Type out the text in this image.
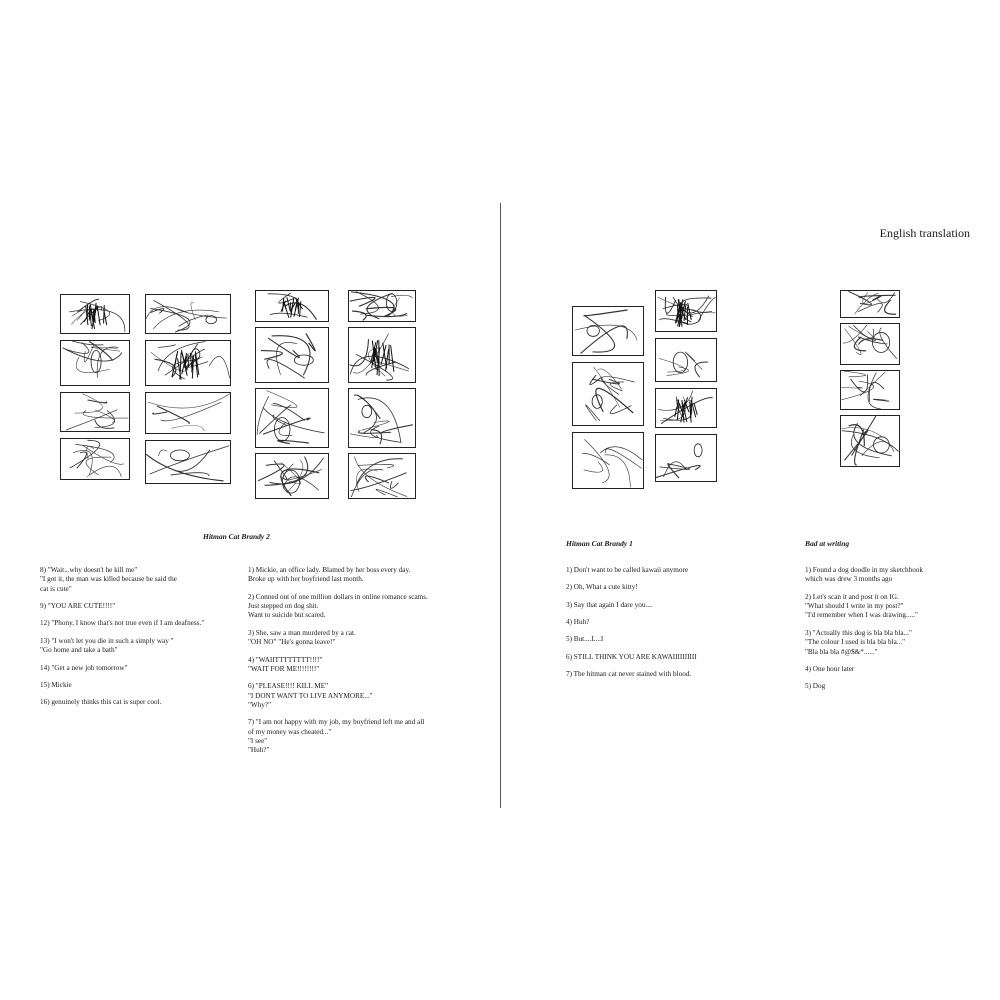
English translation
Hitman Cat Brandy 2
Hitman Cat Brandy 1	Bad at writing
8) "Wait...why doesn't he kill me"
"I got it, the man was killed because he said the
cat is cute"
9) "YOU ARE CUTE!!!!"
12) "Phony, I know that's not true even if I am deafness."
13) "I won't let you die in such a simply way "
"Go home and take a bath"
14) "Get a new job tomorrow"
15) Mickie
16) genuinely thinks this cat is super cool.
1) Mickie, an office lady. Blamed by her boss every day.
Broke up with her boyfriend last month.
2) Conned out of one million dollars in online romance scams.
Just stepped on dog shit.
Want to suicide but scared.
3) She, saw a man murdered by a cat.
"OH NO" "He's gonna leave!"
4) "WAIITTTTTTTT!!!!"
"WAIT FOR ME!!!!!!!!"
6) "PLEASE!!!! KILL ME"
"I DONT WANT TO LIVE ANYMORE..."
"Why?"
7) "I am not happy with my job, my boyfriend left me and all
of my money was cheated..."
"I see"
"Huh?"
1) Don't want to be called kawaii anymore
2) Oh, What a cute kitty!
3) Say that again I dare you....
4) Huh?
5) But....I....I
6) STILL THINK YOU ARE KAWAIIIIIIIIII
7) The hitman cat never stained with blood.
1) Found a dog doodle in my sketchbook
which was drew 3 months ago
2) Let's scan it and post it on IG.
"What should I write in my post?"
"I'd remember when I was drawing....."
3) "Actually this dog is bla bla bla..."
"The colour I used is bla bla bla..."
"Bla bla bla #@$&*......"
4) One hour later
5) Dog
